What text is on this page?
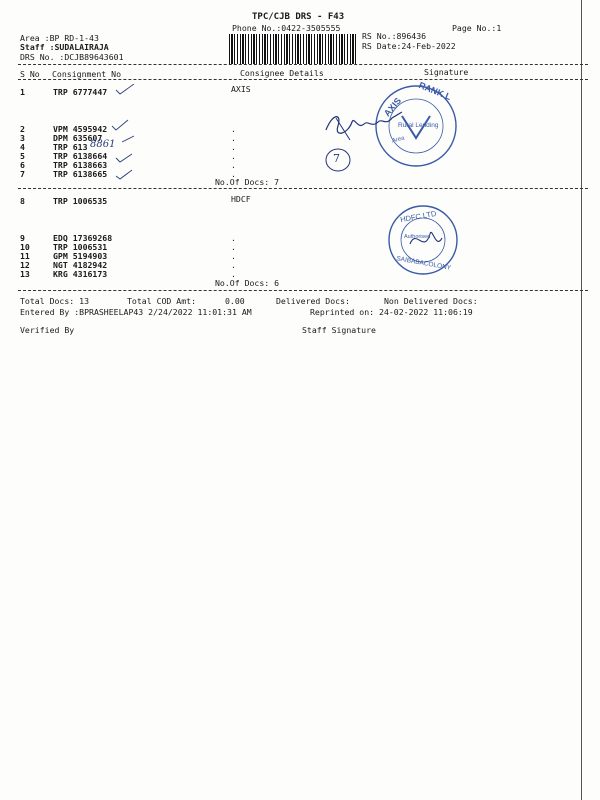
TPC/CJB DRS - F43
Phone No.:0422-3505555	Page No.:1
Area :BP RD-1-43
Staff :SUDALAIRAJA
DRS No. :DCJB89643601
RS No.:896436
RS Date:24-Feb-2022
S No Consignment No	Consignee Details	Signature
1	TRP 6777447	AXIS
2	VPM 4595942	.
3	DPM 635607	.
4	TRP 613 8861	.
5	TRP 6138664	.
6	TRP 6138663	.
7	TRP 6138665	.
No.Of Docs: 7
RANK L
AXIS
Rural Lending
Area
7
8	TRP 1006535	HDCF
9	EDQ 17369268	.
10	TRP 1006531	.
11	GPM 5194903	.
12	NGT 4182942	.
13	KRG 4316173	.
No.Of Docs: 6
HDFC LTD
Authorised
SAIBABACOLONY
Total Docs: 13	Total COD Amt:	0.00	Delivered Docs:	Non Delivered Docs:
Entered By :BPRASHEELAP43 2/24/2022 11:01:31 AM	Reprinted on: 24-02-2022 11:06:19
Verified By	Staff Signature
